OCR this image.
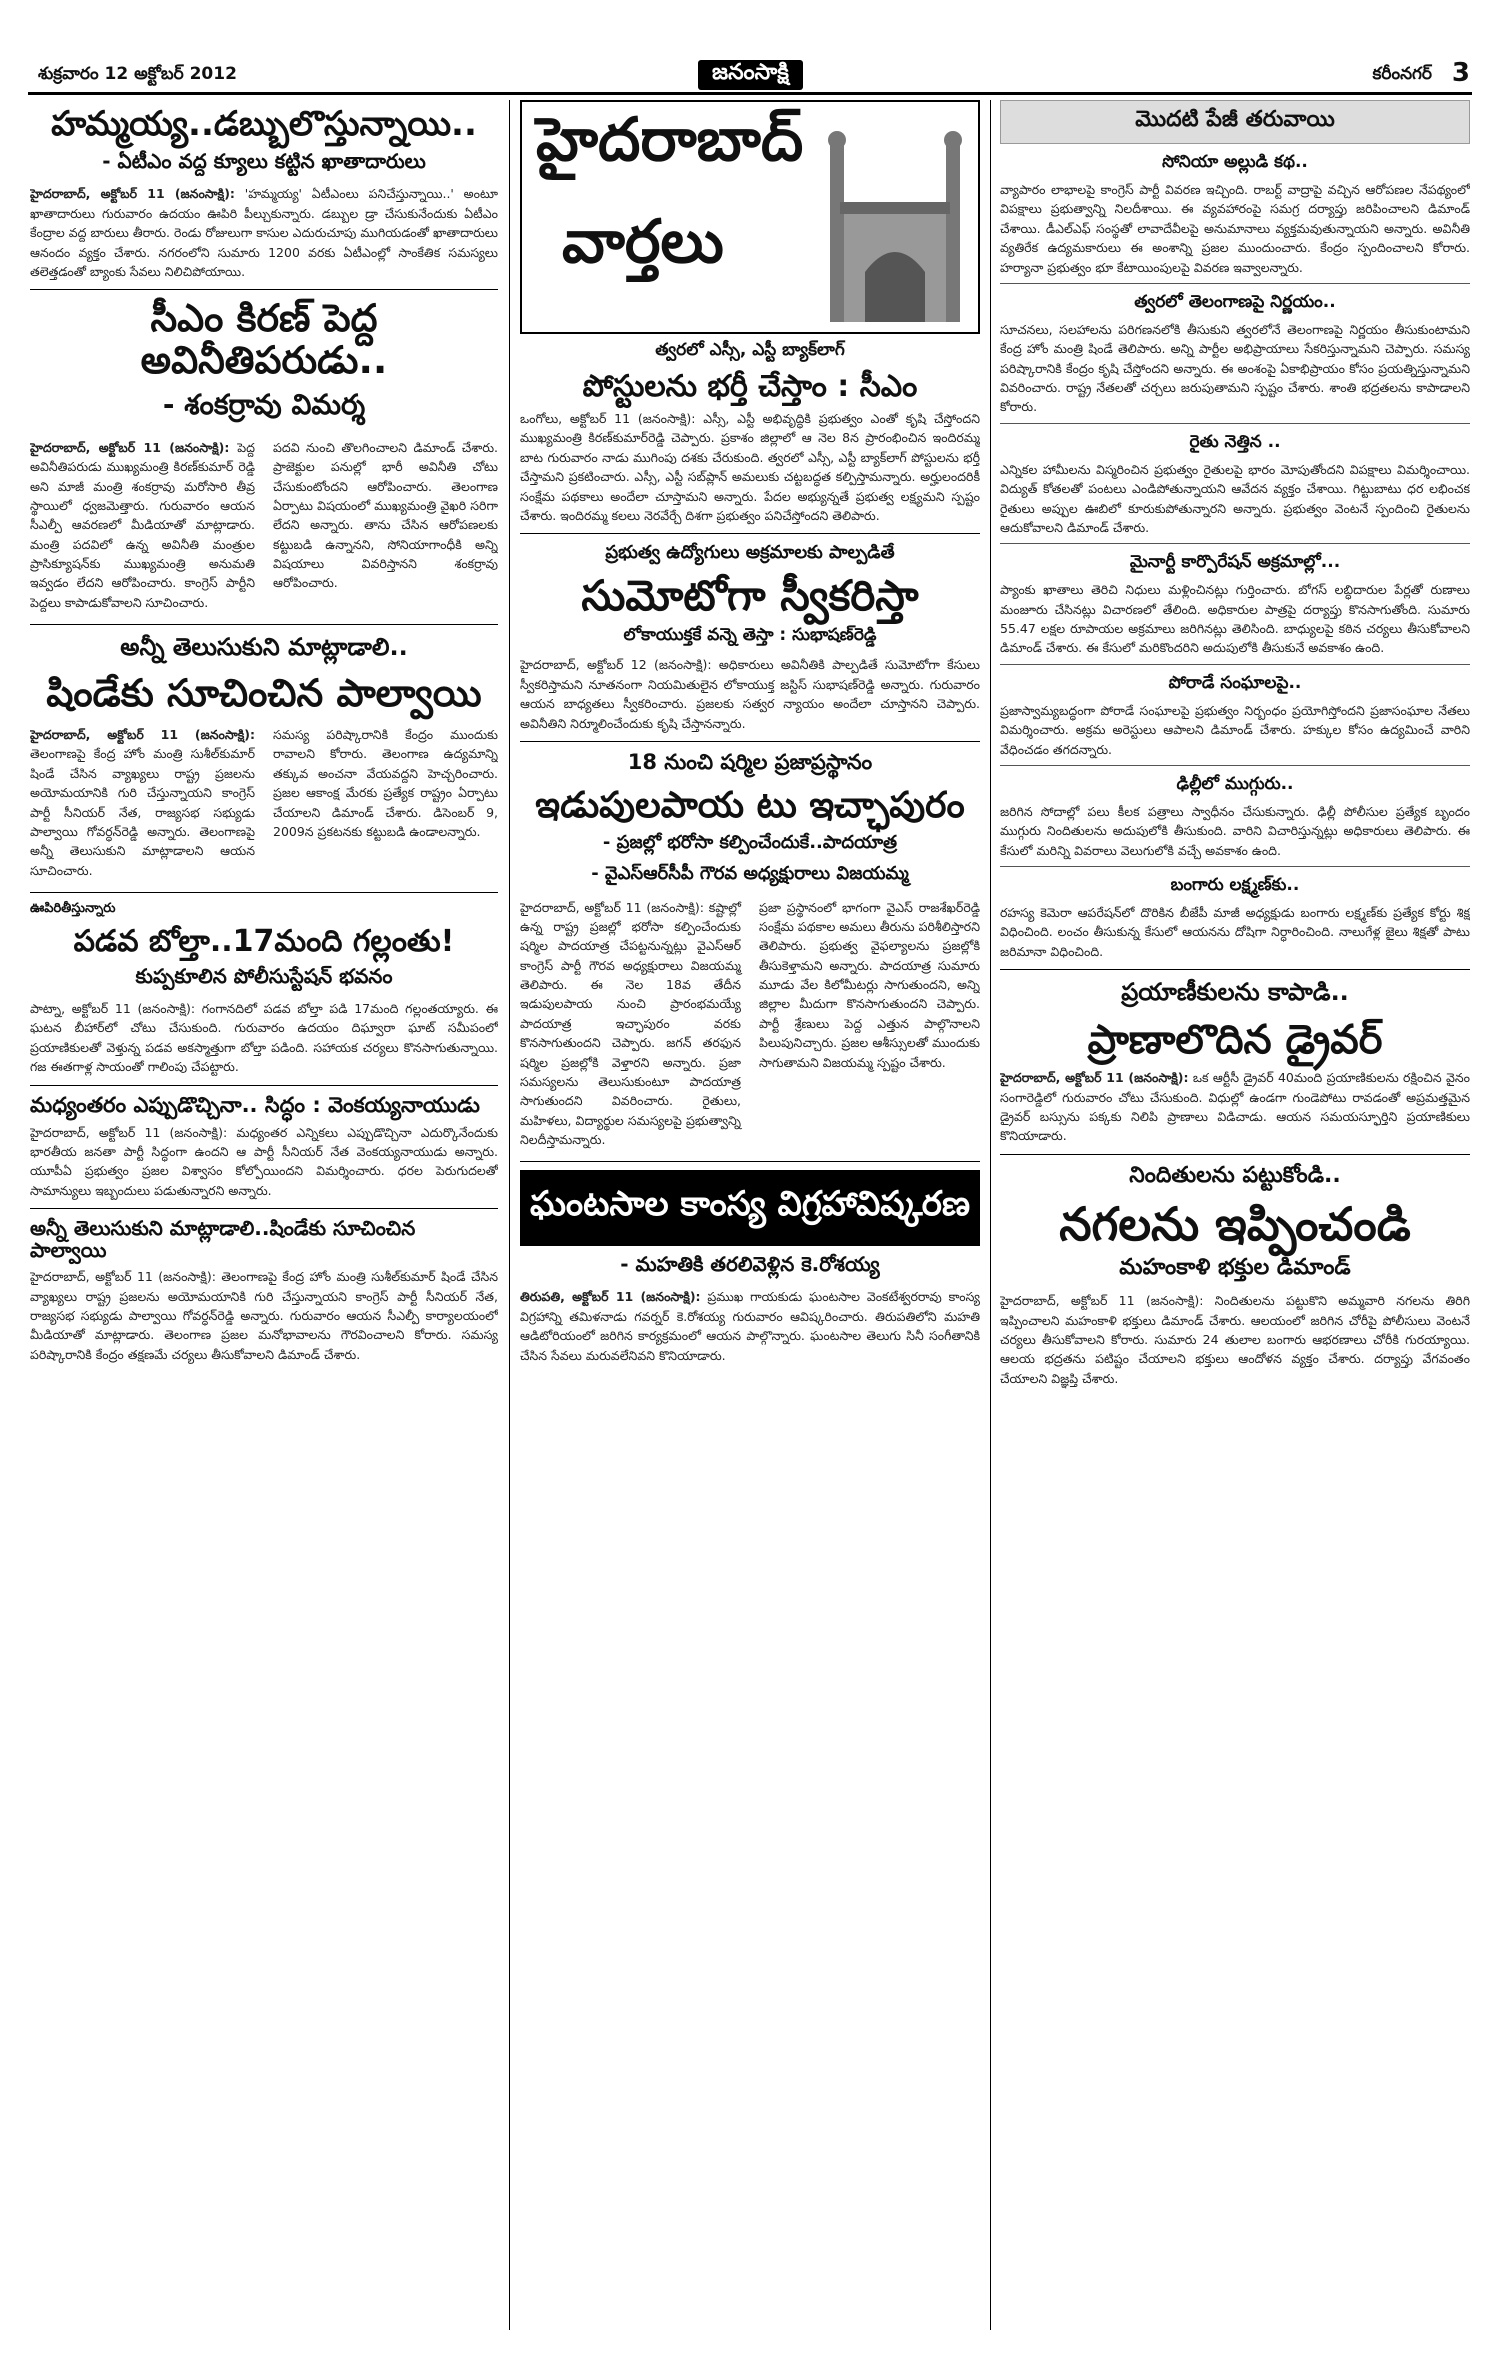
శుక్రవారం 12 అక్టోబర్ 2012	జనంసాక్షి	కరీంనగర్ 3
హమ్మయ్య..డబ్బులొస్తున్నాయి..
- ఏటీఎం వద్ద క్యూలు కట్టిన ఖాతాదారులు
హైదరాబాద్, అక్టోబర్ 11 (జనంసాక్షి): 'హమ్మయ్య' ఏటీఎంలు పనిచేస్తున్నాయి..' అంటూ ఖాతాదారులు గురువారం ఉదయం ఊపిరి పీల్చుకున్నారు. డబ్బుల డ్రా చేసుకునేందుకు ఏటీఎం కేంద్రాల వద్ద బారులు తీరారు. రెండు రోజులుగా కాసుల ఎదురుచూపు ముగియడంతో ఖాతాదారులు ఆనందం వ్యక్తం చేశారు. నగరంలోని సుమారు 1200 వరకు ఏటీఎంల్లో సాంకేతిక సమస్యలు తలెత్తడంతో బ్యాంకు సేవలు నిలిచిపోయాయి.
సీఎం కిరణ్ పెద్ద అవినీతిపరుడు..
- శంకర్రావు విమర్శ
హైదరాబాద్, అక్టోబర్ 11 (జనంసాక్షి): పెద్ద అవినీతిపరుడు ముఖ్యమంత్రి కిరణ్‌కుమార్ రెడ్డి అని మాజీ మంత్రి శంకర్రావు మరోసారి తీవ్ర స్థాయిలో ధ్వజమెత్తారు. గురువారం ఆయన సీఎల్పీ ఆవరణలో మీడియాతో మాట్లాడారు. మంత్రి పదవిలో ఉన్న అవినీతి మంత్రుల ప్రాసిక్యూషన్‌కు ముఖ్యమంత్రి అనుమతి ఇవ్వడం లేదని ఆరోపించారు. కాంగ్రెస్ పార్టీని పెద్దలు కాపాడుకోవాలని సూచించారు.
పదవి నుంచి తొలగించాలని డిమాండ్ చేశారు. ప్రాజెక్టుల పనుల్లో భారీ అవినీతి చోటు చేసుకుంటోందని ఆరోపించారు. తెలంగాణ ఏర్పాటు విషయంలో ముఖ్యమంత్రి వైఖరి సరిగా లేదని అన్నారు. తాను చేసిన ఆరోపణలకు కట్టుబడి ఉన్నానని, సోనియాగాంధీకి అన్ని విషయాలు వివరిస్తానని శంకర్రావు ఆరోపించారు.
అన్నీ తెలుసుకుని మాట్లాడాలి..
షిండేకు సూచించిన పాల్వాయి
హైదరాబాద్, అక్టోబర్ 11 (జనంసాక్షి): తెలంగాణపై కేంద్ర హోం మంత్రి సుశీల్‌కుమార్ షిండే చేసిన వ్యాఖ్యలు రాష్ట్ర ప్రజలను అయోమయానికి గురి చేస్తున్నాయని కాంగ్రెస్ పార్టీ సీనియర్ నేత, రాజ్యసభ సభ్యుడు పాల్వాయి గోవర్ధన్‌రెడ్డి అన్నారు. తెలంగాణపై అన్నీ తెలుసుకుని మాట్లాడాలని ఆయన సూచించారు.
సమస్య పరిష్కారానికి కేంద్రం ముందుకు రావాలని కోరారు. తెలంగాణ ఉద్యమాన్ని తక్కువ అంచనా వేయవద్దని హెచ్చరించారు. ప్రజల ఆకాంక్ష మేరకు ప్రత్యేక రాష్ట్రం ఏర్పాటు చేయాలని డిమాండ్ చేశారు. డిసెంబర్ 9, 2009న ప్రకటనకు కట్టుబడి ఉండాలన్నారు.
ఊపిరితీస్తున్నారు
పడవ బోల్తా..17మంది గల్లంతు!
కుప్పకూలిన పోలీసుస్టేషన్ భవనం
పాట్నా, అక్టోబర్ 11 (జనంసాక్షి): గంగానదిలో పడవ బోల్తా పడి 17మంది గల్లంతయ్యారు. ఈ ఘటన బీహార్‌లో చోటు చేసుకుంది. గురువారం ఉదయం దిఘ్వారా ఘాట్ సమీపంలో ప్రయాణికులతో వెళ్తున్న పడవ అకస్మాత్తుగా బోల్తా పడింది. సహాయక చర్యలు కొనసాగుతున్నాయి. గజ ఈతగాళ్ల సాయంతో గాలింపు చేపట్టారు.
మధ్యంతరం ఎప్పుడొచ్చినా.. సిద్ధం : వెంకయ్యనాయుడు
హైదరాబాద్, అక్టోబర్ 11 (జనంసాక్షి): మధ్యంతర ఎన్నికలు ఎప్పుడొచ్చినా ఎదుర్కొనేందుకు భారతీయ జనతా పార్టీ సిద్ధంగా ఉందని ఆ పార్టీ సీనియర్ నేత వెంకయ్యనాయుడు అన్నారు. యూపీఏ ప్రభుత్వం ప్రజల విశ్వాసం కోల్పోయిందని విమర్శించారు. ధరల పెరుగుదలతో సామాన్యులు ఇబ్బందులు పడుతున్నారని అన్నారు.
అన్నీ తెలుసుకుని మాట్లాడాలి..షిండేకు సూచించిన పాల్వాయి
హైదరాబాద్, అక్టోబర్ 11 (జనంసాక్షి): తెలంగాణపై కేంద్ర హోం మంత్రి సుశీల్‌కుమార్ షిండే చేసిన వ్యాఖ్యలు రాష్ట్ర ప్రజలను అయోమయానికి గురి చేస్తున్నాయని కాంగ్రెస్ పార్టీ సీనియర్ నేత, రాజ్యసభ సభ్యుడు పాల్వాయి గోవర్ధన్‌రెడ్డి అన్నారు. గురువారం ఆయన సీఎల్పీ కార్యాలయంలో మీడియాతో మాట్లాడారు. తెలంగాణ ప్రజల మనోభావాలను గౌరవించాలని కోరారు. సమస్య పరిష్కారానికి కేంద్రం తక్షణమే చర్యలు తీసుకోవాలని డిమాండ్ చేశారు.
హైదరాబాద్
వార్తలు
త్వరలో ఎస్సీ, ఎస్టీ బ్యాక్‌లాగ్
పోస్టులను భర్తీ చేస్తాం : సీఎం
ఒంగోలు, అక్టోబర్ 11 (జనంసాక్షి): ఎస్సీ, ఎస్టీ అభివృద్ధికి ప్రభుత్వం ఎంతో కృషి చేస్తోందని ముఖ్యమంత్రి కిరణ్‌కుమార్‌రెడ్డి చెప్పారు. ప్రకాశం జిల్లాలో ఆ నెల 8న ప్రారంభించిన ఇందిరమ్మ బాట గురువారం నాడు ముగింపు దశకు చేరుకుంది. త్వరలో ఎస్సీ, ఎస్టీ బ్యాక్‌లాగ్ పోస్టులను భర్తీ చేస్తామని ప్రకటించారు. ఎస్సీ, ఎస్టీ సబ్‌ప్లాన్ అమలుకు చట్టబద్ధత కల్పిస్తామన్నారు. అర్హులందరికీ సంక్షేమ పథకాలు అందేలా చూస్తామని అన్నారు. పేదల అభ్యున్నతే ప్రభుత్వ లక్ష్యమని స్పష్టం చేశారు. ఇందిరమ్మ కలలు నెరవేర్చే దిశగా ప్రభుత్వం పనిచేస్తోందని తెలిపారు.
ప్రభుత్వ ఉద్యోగులు అక్రమాలకు పాల్పడితే
సుమోటోగా స్వీకరిస్తా
లోకాయుక్తకే వన్నె తెస్తా : సుభాషణ్‌రెడ్డి
హైదరాబాద్, అక్టోబర్ 12 (జనంసాక్షి): అధికారులు అవినీతికి పాల్పడితే సుమోటోగా కేసులు స్వీకరిస్తామని నూతనంగా నియమితులైన లోకాయుక్త జస్టిస్ సుభాషణ్‌రెడ్డి అన్నారు. గురువారం ఆయన బాధ్యతలు స్వీకరించారు. ప్రజలకు సత్వర న్యాయం అందేలా చూస్తానని చెప్పారు. అవినీతిని నిర్మూలించేందుకు కృషి చేస్తానన్నారు.
18 నుంచి షర్మిల ప్రజాప్రస్థానం
ఇడుపులపాయ టు ఇచ్ఛాపురం
- ప్రజల్లో భరోసా కల్పించేందుకే..పాదయాత్ర
- వైఎస్‌ఆర్‌సీపీ గౌరవ అధ్యక్షురాలు విజయమ్మ
హైదరాబాద్, అక్టోబర్ 11 (జనంసాక్షి): కష్టాల్లో ఉన్న రాష్ట్ర ప్రజల్లో భరోసా కల్పించేందుకు షర్మిల పాదయాత్ర చేపట్టనున్నట్లు వైఎస్‌ఆర్ కాంగ్రెస్ పార్టీ గౌరవ అధ్యక్షురాలు విజయమ్మ తెలిపారు. ఈ నెల 18వ తేదీన ఇడుపులపాయ నుంచి ప్రారంభమయ్యే పాదయాత్ర ఇచ్ఛాపురం వరకు కొనసాగుతుందని చెప్పారు. జగన్ తరఫున షర్మిల ప్రజల్లోకి వెళ్తారని అన్నారు. ప్రజా సమస్యలను తెలుసుకుంటూ పాదయాత్ర సాగుతుందని వివరించారు. రైతులు, మహిళలు, విద్యార్థుల సమస్యలపై ప్రభుత్వాన్ని నిలదీస్తామన్నారు.
ప్రజా ప్రస్థానంలో భాగంగా వైఎస్ రాజశేఖర్‌రెడ్డి సంక్షేమ పథకాల అమలు తీరును పరిశీలిస్తారని తెలిపారు. ప్రభుత్వ వైఫల్యాలను ప్రజల్లోకి తీసుకెళ్తామని అన్నారు. పాదయాత్ర సుమారు మూడు వేల కిలోమీటర్లు సాగుతుందని, అన్ని జిల్లాల మీదుగా కొనసాగుతుందని చెప్పారు. పార్టీ శ్రేణులు పెద్ద ఎత్తున పాల్గొనాలని పిలుపునిచ్చారు. ప్రజల ఆశీస్సులతో ముందుకు సాగుతామని విజయమ్మ స్పష్టం చేశారు.
ఘంటసాల కాంస్య విగ్రహావిష్కరణ
- మహతికి తరలివెళ్లిన కె.రోశయ్య
తిరుపతి, అక్టోబర్ 11 (జనంసాక్షి): ప్రముఖ గాయకుడు ఘంటసాల వెంకటేశ్వరరావు కాంస్య విగ్రహాన్ని తమిళనాడు గవర్నర్ కె.రోశయ్య గురువారం ఆవిష్కరించారు. తిరుపతిలోని మహతి ఆడిటోరియంలో జరిగిన కార్యక్రమంలో ఆయన పాల్గొన్నారు. ఘంటసాల తెలుగు సినీ సంగీతానికి చేసిన సేవలు మరువలేనివని కొనియాడారు.
మొదటి పేజీ తరువాయి
సోనియా అల్లుడి కథ..
వ్యాపారం లాభాలపై కాంగ్రెస్ పార్టీ వివరణ ఇచ్చింది. రాబర్ట్ వాద్రాపై వచ్చిన ఆరోపణల నేపథ్యంలో విపక్షాలు ప్రభుత్వాన్ని నిలదీశాయి. ఈ వ్యవహారంపై సమగ్ర దర్యాప్తు జరిపించాలని డిమాండ్ చేశాయి. డీఎల్ఎఫ్ సంస్థతో లావాదేవీలపై అనుమానాలు వ్యక్తమవుతున్నాయని అన్నారు. అవినీతి వ్యతిరేక ఉద్యమకారులు ఈ అంశాన్ని ప్రజల ముందుంచారు. కేంద్రం స్పందించాలని కోరారు. హర్యానా ప్రభుత్వం భూ కేటాయింపులపై వివరణ ఇవ్వాలన్నారు.
త్వరలో తెలంగాణపై నిర్ణయం..
సూచనలు, సలహాలను పరిగణనలోకి తీసుకుని త్వరలోనే తెలంగాణపై నిర్ణయం తీసుకుంటామని కేంద్ర హోం మంత్రి షిండే తెలిపారు. అన్ని పార్టీల అభిప్రాయాలు సేకరిస్తున్నామని చెప్పారు. సమస్య పరిష్కారానికి కేంద్రం కృషి చేస్తోందని అన్నారు. ఈ అంశంపై ఏకాభిప్రాయం కోసం ప్రయత్నిస్తున్నామని వివరించారు. రాష్ట్ర నేతలతో చర్చలు జరుపుతామని స్పష్టం చేశారు. శాంతి భద్రతలను కాపాడాలని కోరారు.
రైతు నెత్తిన ..
ఎన్నికల హామీలను విస్మరించిన ప్రభుత్వం రైతులపై భారం మోపుతోందని విపక్షాలు విమర్శించాయి. విద్యుత్ కోతలతో పంటలు ఎండిపోతున్నాయని ఆవేదన వ్యక్తం చేశాయి. గిట్టుబాటు ధర లభించక రైతులు అప్పుల ఊబిలో కూరుకుపోతున్నారని అన్నారు. ప్రభుత్వం వెంటనే స్పందించి రైతులను ఆదుకోవాలని డిమాండ్ చేశారు.
మైనార్టీ కార్పొరేషన్ అక్రమాల్లో...
ప్యాంకు ఖాతాలు తెరిచి నిధులు మళ్లించినట్లు గుర్తించారు. బోగస్ లబ్ధిదారుల పేర్లతో రుణాలు మంజూరు చేసినట్లు విచారణలో తేలింది. అధికారుల పాత్రపై దర్యాప్తు కొనసాగుతోంది. సుమారు 55.47 లక్షల రూపాయల అక్రమాలు జరిగినట్లు తెలిసింది. బాధ్యులపై కఠిన చర్యలు తీసుకోవాలని డిమాండ్ చేశారు. ఈ కేసులో మరికొందరిని అదుపులోకి తీసుకునే అవకాశం ఉంది.
పోరాడే సంఘాలపై..
ప్రజాస్వామ్యబద్ధంగా పోరాడే సంఘాలపై ప్రభుత్వం నిర్బంధం ప్రయోగిస్తోందని ప్రజాసంఘాల నేతలు విమర్శించారు. అక్రమ అరెస్టులు ఆపాలని డిమాండ్ చేశారు. హక్కుల కోసం ఉద్యమించే వారిని వేధించడం తగదన్నారు.
ఢిల్లీలో ముగ్గురు..
జరిగిన సోదాల్లో పలు కీలక పత్రాలు స్వాధీనం చేసుకున్నారు. ఢిల్లీ పోలీసుల ప్రత్యేక బృందం ముగ్గురు నిందితులను అదుపులోకి తీసుకుంది. వారిని విచారిస్తున్నట్లు అధికారులు తెలిపారు. ఈ కేసులో మరిన్ని వివరాలు వెలుగులోకి వచ్చే అవకాశం ఉంది.
బంగారు లక్ష్మణ్‌కు..
రహస్య కెమెరా ఆపరేషన్‌లో దొరికిన బీజేపీ మాజీ అధ్యక్షుడు బంగారు లక్ష్మణ్‌కు ప్రత్యేక కోర్టు శిక్ష విధించింది. లంచం తీసుకున్న కేసులో ఆయనను దోషిగా నిర్ధారించింది. నాలుగేళ్ల జైలు శిక్షతో పాటు జరిమానా విధించింది.
ప్రయాణీకులను కాపాడి..
ప్రాణాలొదిన డ్రైవర్
హైదరాబాద్, అక్టోబర్ 11 (జనంసాక్షి): ఒక ఆర్టీసీ డ్రైవర్ 40మంది ప్రయాణికులను రక్షించిన వైనం సంగారెడ్డిలో గురువారం చోటు చేసుకుంది. విధుల్లో ఉండగా గుండెపోటు రావడంతో అప్రమత్తమైన డ్రైవర్ బస్సును పక్కకు నిలిపి ప్రాణాలు విడిచాడు. ఆయన సమయస్ఫూర్తిని ప్రయాణికులు కొనియాడారు.
నిందితులను పట్టుకోండి..
నగలను ఇప్పించండి
మహంకాళి భక్తుల డిమాండ్
హైదరాబాద్, అక్టోబర్ 11 (జనంసాక్షి): నిందితులను పట్టుకొని అమ్మవారి నగలను తిరిగి ఇప్పించాలని మహంకాళి భక్తులు డిమాండ్ చేశారు. ఆలయంలో జరిగిన చోరీపై పోలీసులు వెంటనే చర్యలు తీసుకోవాలని కోరారు. సుమారు 24 తులాల బంగారు ఆభరణాలు చోరీకి గురయ్యాయి. ఆలయ భద్రతను పటిష్టం చేయాలని భక్తులు ఆందోళన వ్యక్తం చేశారు. దర్యాప్తు వేగవంతం చేయాలని విజ్ఞప్తి చేశారు.
